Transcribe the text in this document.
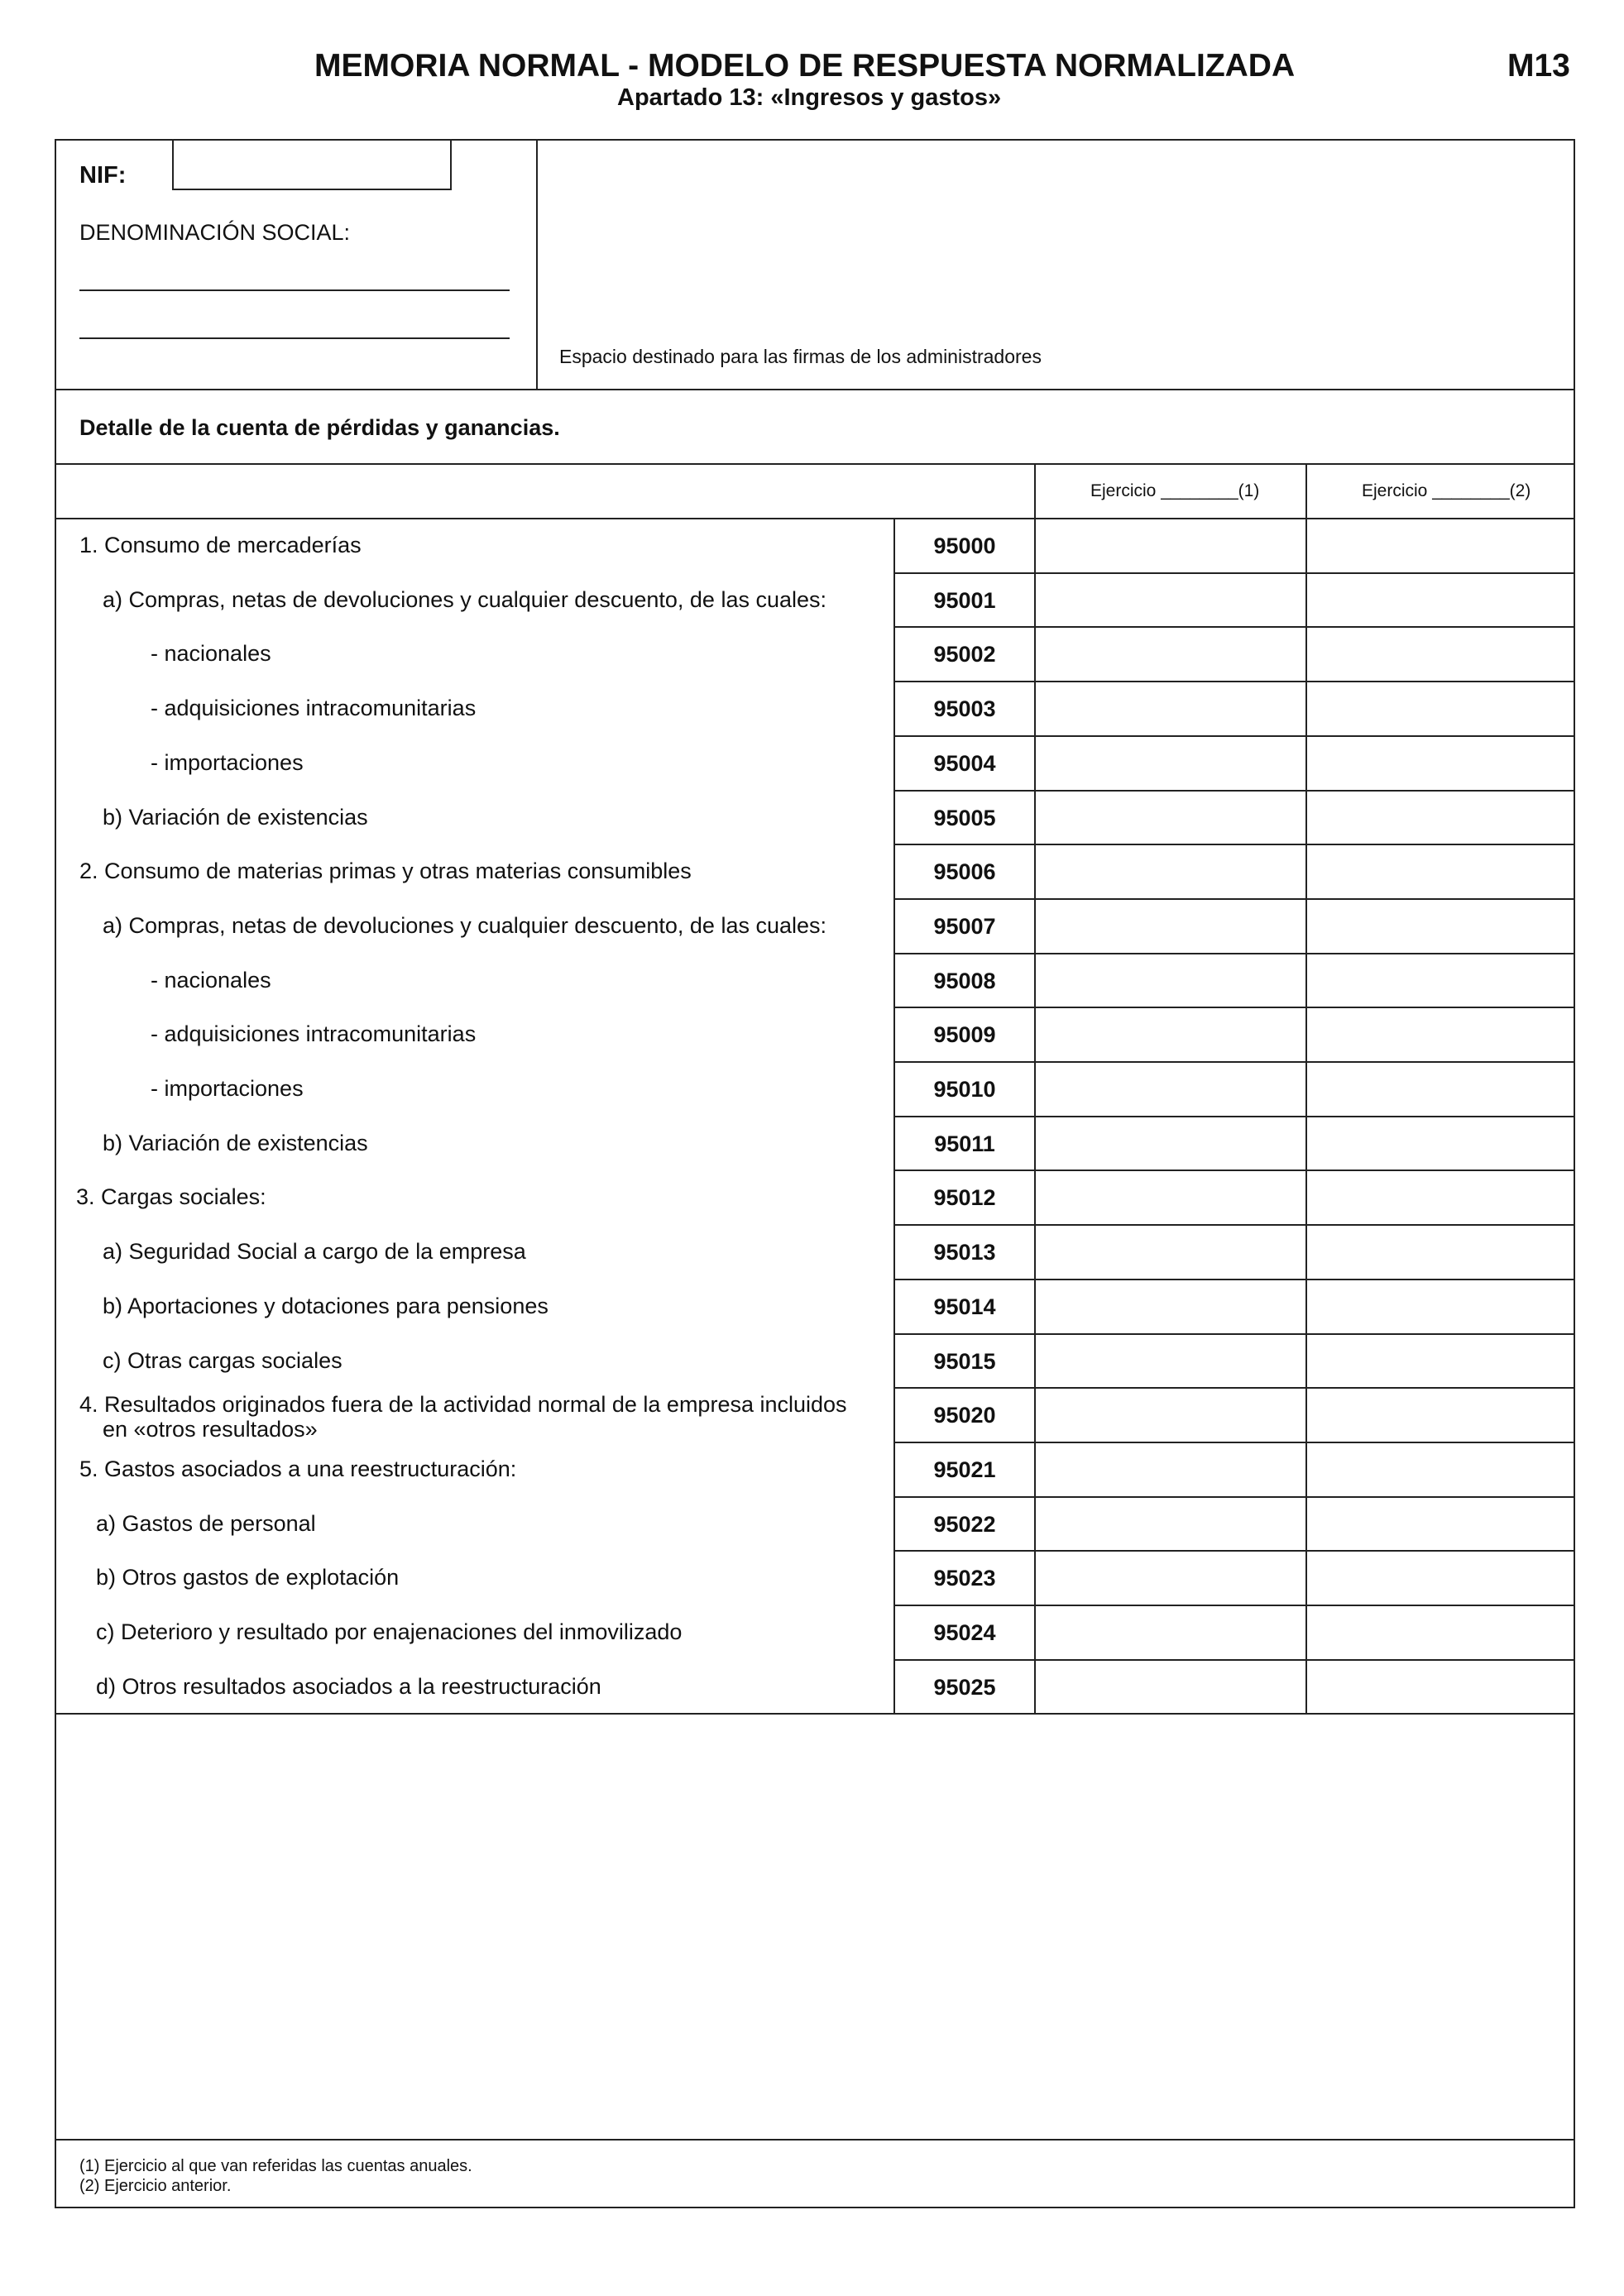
MEMORIA NORMAL - MODELO DE RESPUESTA NORMALIZADA
Apartado 13: «Ingresos y gastos»
M13
NIF:
DENOMINACIÓN SOCIAL:
Espacio destinado para las firmas de los administradores
Detalle de la cuenta de pérdidas y ganancias.
Ejercicio ________(1)	Ejercicio ________(2)
1. Consumo de mercaderías	95000
a) Compras, netas de devoluciones y cualquier descuento, de las cuales:	95001
- nacionales	95002
- adquisiciones intracomunitarias	95003
- importaciones	95004
b) Variación de existencias	95005
2. Consumo de materias primas y otras materias consumibles	95006
a) Compras, netas de devoluciones y cualquier descuento, de las cuales:	95007
- nacionales	95008
- adquisiciones intracomunitarias	95009
- importaciones	95010
b) Variación de existencias	95011
3. Cargas sociales:	95012
a) Seguridad Social a cargo de la empresa	95013
b) Aportaciones y dotaciones para pensiones	95014
c) Otras cargas sociales	95015
4. Resultados originados fuera de la actividad normal de la empresa incluidos
en «otros resultados»
95020
5. Gastos asociados a una reestructuración:	95021
a) Gastos de personal	95022
b) Otros gastos de explotación	95023
c) Deterioro y resultado por enajenaciones del inmovilizado	95024
d) Otros resultados asociados a la reestructuración	95025
(1) Ejercicio al que van referidas las cuentas anuales.
(2) Ejercicio anterior.
